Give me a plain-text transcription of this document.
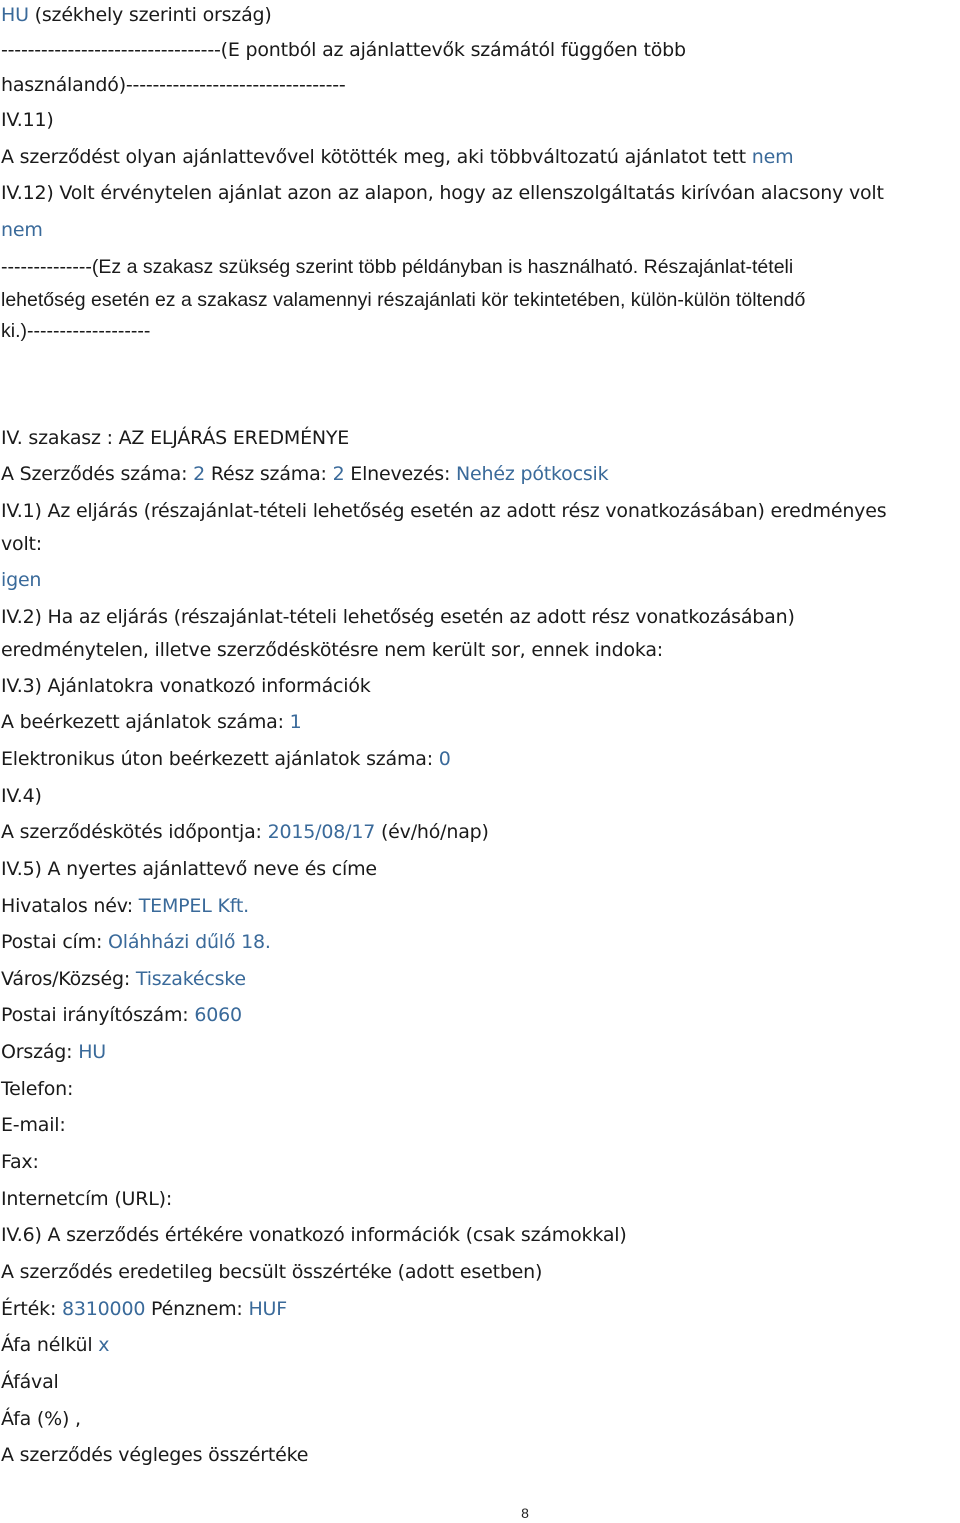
HU (székhely szerinti ország)
---------------------------------(E pontból az ajánlattevők számától függően több
használandó)---------------------------------
IV.11)
A szerződést olyan ajánlattevővel kötötték meg, aki többváltozatú ajánlatot tett nem
IV.12) Volt érvénytelen ajánlat azon az alapon, hogy az ellenszolgáltatás kirívóan alacsony volt
nem
--------------(Ez a szakasz szükség szerint több példányban is használható. Részajánlat-tételi
lehetőség esetén ez a szakasz valamennyi részajánlati kör tekintetében, külön-külön töltendő
ki.)-------------------
IV. szakasz : AZ ELJÁRÁS EREDMÉNYE
A Szerződés száma: 2 Rész száma: 2 Elnevezés: Nehéz pótkocsik
IV.1) Az eljárás (részajánlat-tételi lehetőség esetén az adott rész vonatkozásában) eredményes
volt:
igen
IV.2) Ha az eljárás (részajánlat-tételi lehetőség esetén az adott rész vonatkozásában)
eredménytelen, illetve szerződéskötésre nem került sor, ennek indoka:
IV.3) Ajánlatokra vonatkozó információk
A beérkezett ajánlatok száma: 1
Elektronikus úton beérkezett ajánlatok száma: 0
IV.4)
A szerződéskötés időpontja: 2015/08/17 (év/hó/nap)
IV.5) A nyertes ajánlattevő neve és címe
Hivatalos név: TEMPEL Kft.
Postai cím: Oláhházi dűlő 18.
Város/Község: Tiszakécske
Postai irányítószám: 6060
Ország: HU
Telefon:
E-mail:
Fax:
Internetcím (URL):
IV.6) A szerződés értékére vonatkozó információk (csak számokkal)
A szerződés eredetileg becsült összértéke (adott esetben)
Érték: 8310000 Pénznem: HUF
Áfa nélkül x
Áfával
Áfa (%) ,
A szerződés végleges összértéke
8
